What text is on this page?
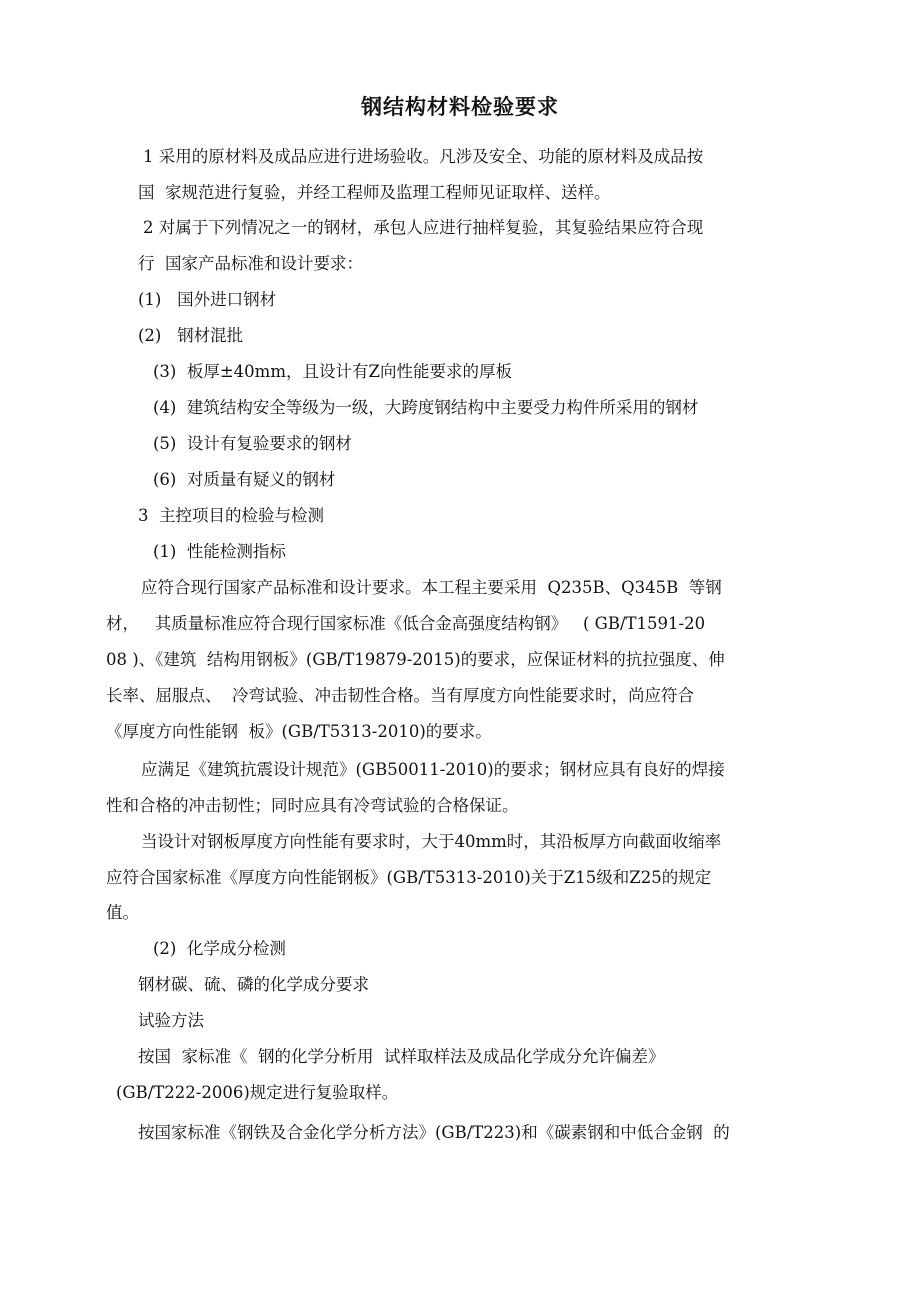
钢结构材料检验要求

1 采用的原材料及成品应进行进场验收。凡涉及安全、功能的原材料及成品按

国  家规范进行复验，并经工程师及监理工程师见证取样、送样。

2 对属于下列情况之一的钢材，承包人应进行抽样复验，其复验结果应符合现

行  国家产品标准和设计要求：

(1)   国外进口钢材

(2)   钢材混批

(3)  板厚±40mm，且设计有Z向性能要求的厚板

(4)  建筑结构安全等级为一级，大跨度钢结构中主要受力构件所采用的钢材

(5)  设计有复验要求的钢材

(6)  对质量有疑义的钢材

3  主控项目的检验与检测

(1)  性能检测指标

应符合现行国家产品标准和设计要求。本工程主要采用  Q235B、Q345B  等钢

材，   其质量标准应符合现行国家标准《低合金高强度结构钢》   ( GB/T1591-20

08 )、《建筑  结构用钢板》(GB/T19879-2015)的要求，应保证材料的抗拉强度、伸

长率、屈服点、  冷弯试验、冲击韧性合格。当有厚度方向性能要求时，尚应符合

《厚度方向性能钢  板》(GB/T5313-2010)的要求。

应满足《建筑抗震设计规范》(GB50011-2010)的要求；钢材应具有良好的焊接

性和合格的冲击韧性；同时应具有冷弯试验的合格保证。

当设计对钢板厚度方向性能有要求时，大于40mm时，其沿板厚方向截面收缩率

应符合国家标准《厚度方向性能钢板》(GB/T5313-2010)关于Z15级和Z25的规定

值。

(2)  化学成分检测

钢材碳、硫、磷的化学成分要求

试验方法

按国  家标准《  钢的化学分析用  试样取样法及成品化学成分允许偏差》

(GB/T222-2006)规定进行复验取样。

按国家标准《钢铁及合金化学分析方法》(GB/T223)和《碳素钢和中低合金钢  的
